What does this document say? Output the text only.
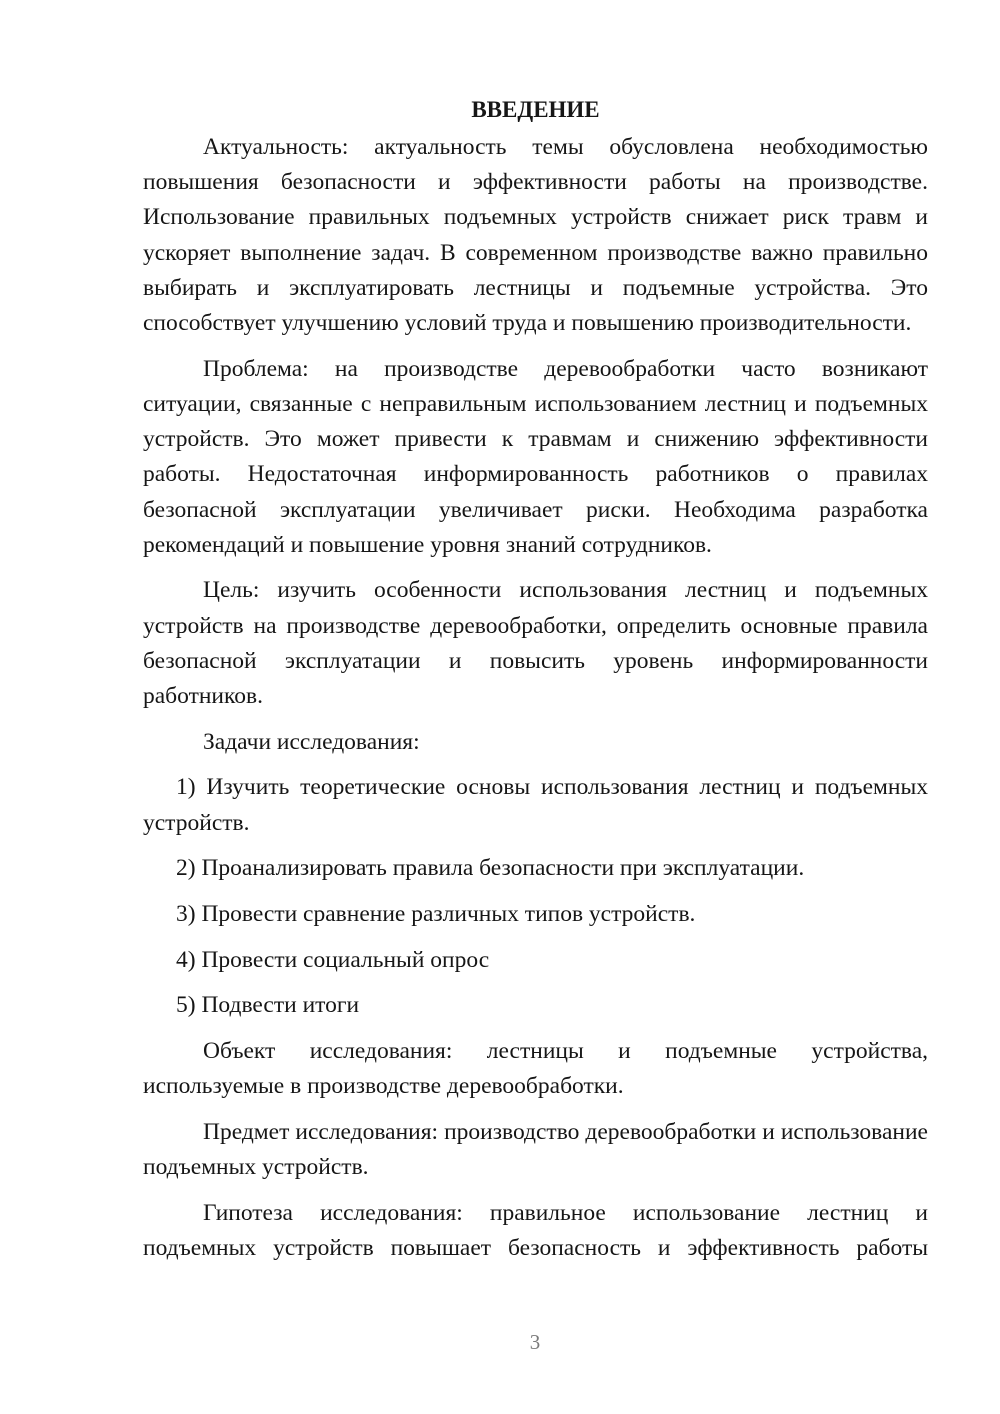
ВВЕДЕНИЕ

Актуальность: актуальность темы обусловлена необходимостью повышения безопасности и эффективности работы на производстве. Использование правильных подъемных устройств снижает риск травм и ускоряет выполнение задач. В современном производстве важно правильно выбирать и эксплуатировать лестницы и подъемные устройства. Это способствует улучшению условий труда и повышению производительности.

Проблема: на производстве деревообработки часто возникают ситуации, связанные с неправильным использованием лестниц и подъемных устройств. Это может привести к травмам и снижению эффективности работы. Недостаточная информированность работников о правилах безопасной эксплуатации увеличивает риски. Необходима разработка рекомендаций и повышение уровня знаний сотрудников.

Цель: изучить особенности использования лестниц и подъемных устройств на производстве деревообработки, определить основные правила безопасной эксплуатации и повысить уровень информированности работников.

Задачи исследования:

1) Изучить теоретические основы использования лестниц и подъемных устройств.

2) Проанализировать правила безопасности при эксплуатации.

3) Провести сравнение различных типов устройств.

4) Провести социальный опрос

5) Подвести итоги

Объект исследования: лестницы и подъемные устройства, используемые в производстве деревообработки.

Предмет исследования: производство деревообработки и использование подъемных устройств.

Гипотеза исследования: правильное использование лестниц и подъемных устройств повышает безопасность и эффективность работы

3
